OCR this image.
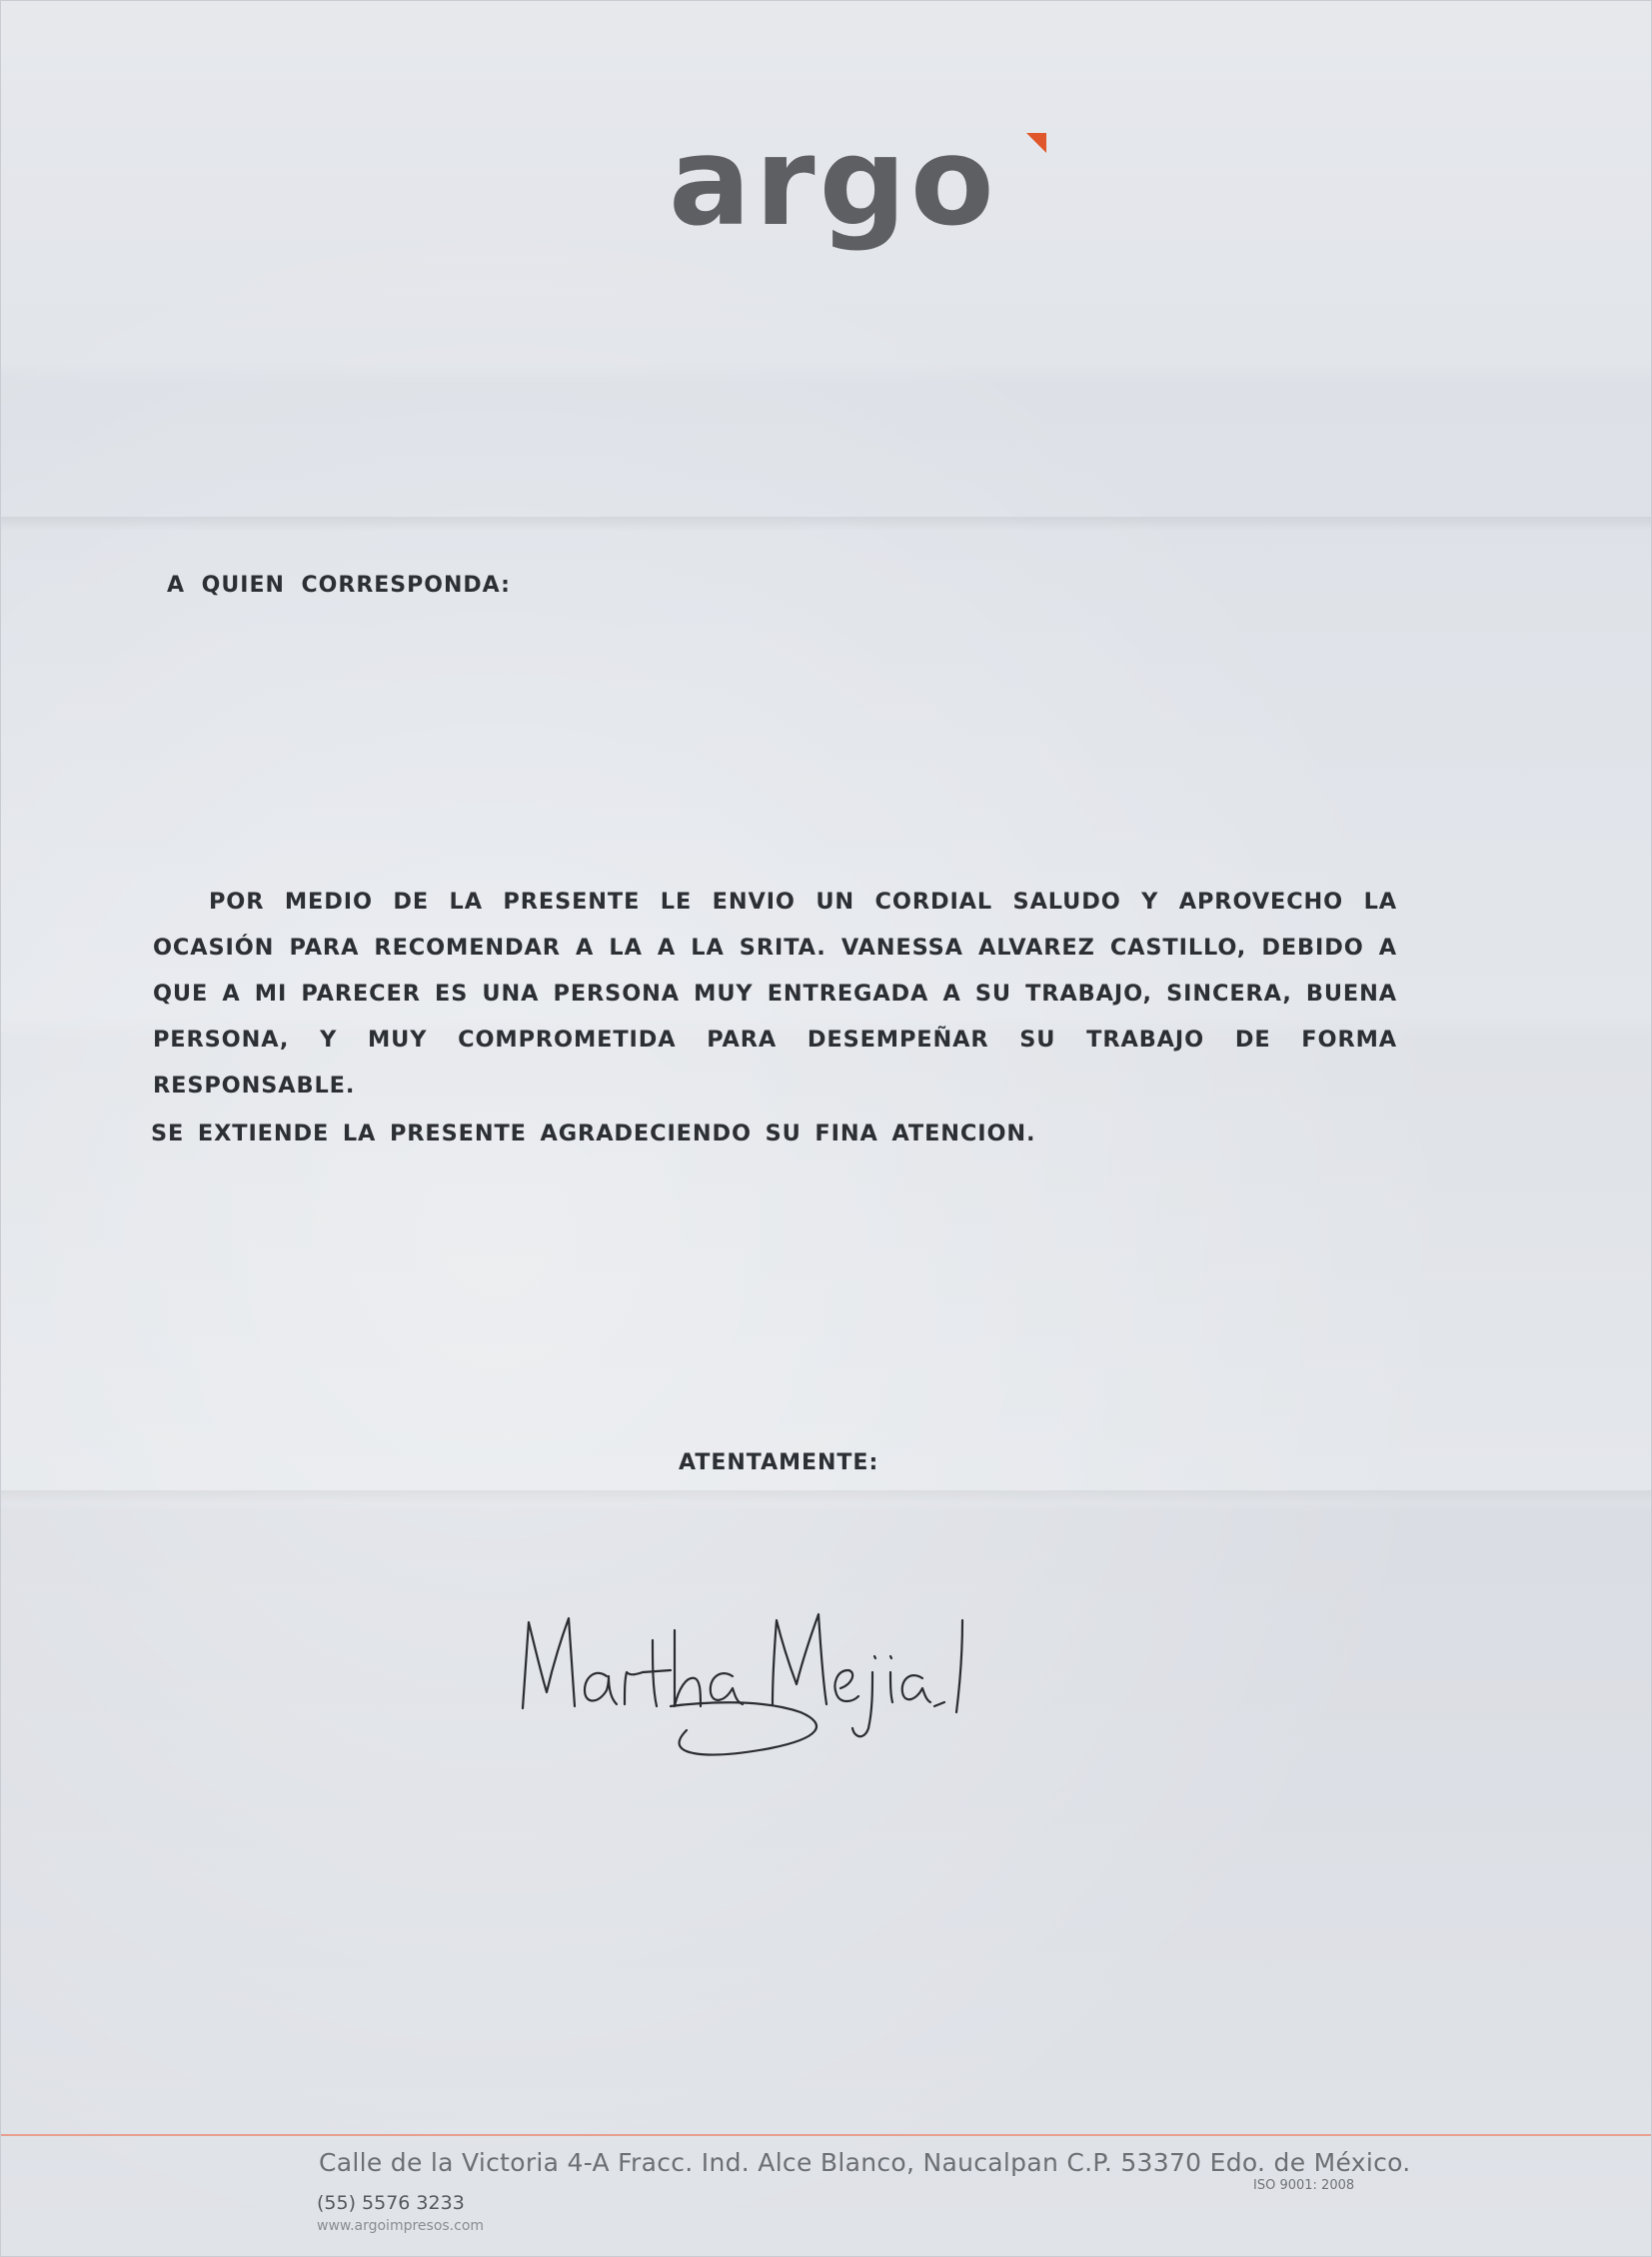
argo
A QUIEN CORRESPONDA:
POR MEDIO DE LA PRESENTE LE ENVIO UN CORDIAL SALUDO Y APROVECHO LA OCASIÓN PARA RECOMENDAR A LA A LA SRITA. VANESSA ALVAREZ CASTILLO, DEBIDO A QUE A MI PARECER ES UNA PERSONA MUY ENTREGADA A SU TRABAJO, SINCERA, BUENA PERSONA, Y MUY COMPROMETIDA PARA DESEMPEÑAR SU TRABAJO DE FORMA RESPONSABLE.
SE EXTIENDE LA PRESENTE AGRADECIENDO SU FINA ATENCION.
ATENTAMENTE:
Calle de la Victoria 4-A Fracc. Ind. Alce Blanco, Naucalpan C.P. 53370 Edo. de México.
(55) 5576 3233
www.argoimpresos.com
ISO 9001: 2008
